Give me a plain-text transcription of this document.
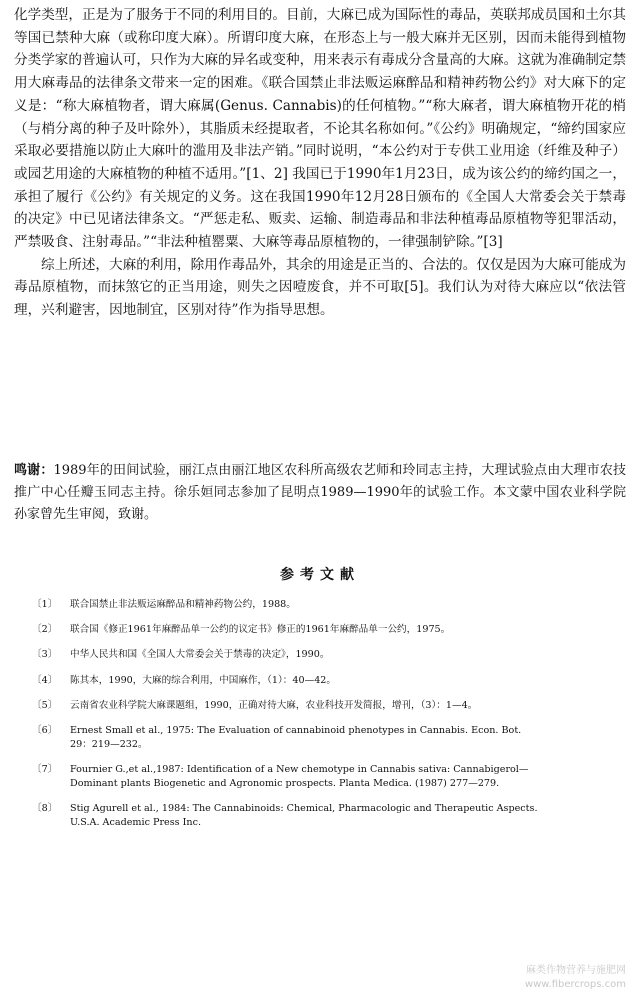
化学类型，正是为了服务于不同的利用目的。目前，大麻已成为国际性的毒品，英联邦成员国和土尔其等国已禁种大麻（或称印度大麻）。所谓印度大麻，在形态上与一般大麻并无区别，因而未能得到植物分类学家的普遍认可，只作为大麻的异名或变种，用来表示有毒成分含量高的大麻。这就为准确制定禁用大麻毒品的法律条文带来一定的困难。《联合国禁止非法贩运麻醉品和精神药物公约》对大麻下的定义是：“称大麻植物者，谓大麻属(Genus. Cannabis)的任何植物。”“称大麻者，谓大麻植物开花的梢（与梢分离的种子及叶除外），其脂质未经提取者，不论其名称如何。”《公约》明确规定，“缔约国家应采取必要措施以防止大麻叶的滥用及非法产销。”同时说明，“本公约对于专供工业用途（纤维及种子）或园艺用途的大麻植物的种植不适用。”[1、2] 我国已于1990年1月23日，成为该公约的缔约国之一，承担了履行《公约》有关规定的义务。这在我国1990年12月28日颁布的《全国人大常委会关于禁毒的决定》中已见诸法律条文。“严惩走私、贩卖、运输、制造毒品和非法种植毒品原植物等犯罪活动，严禁吸食、注射毒品。”“非法种植罂粟、大麻等毒品原植物的，一律强制铲除。”[3]

综上所述，大麻的利用，除用作毒品外，其余的用途是正当的、合法的。仅仅是因为大麻可能成为毒品原植物，而抹煞它的正当用途，则失之因噎废食，并不可取[5]。我们认为对待大麻应以“依法管理，兴利避害，因地制宜，区别对待”作为指导思想。

鸣谢：1989年的田间试验，丽江点由丽江地区农科所高级农艺师和玲同志主持，大理试验点由大理市农技推广中心任瓣玉同志主持。徐乐姮同志参加了昆明点1989—1990年的试验工作。本文蒙中国农业科学院孙家曾先生审阅，致谢。
参考文献
〔1〕 联合国禁止非法贩运麻醉品和精神药物公约，1988。
〔2〕 联合国《修正1961年麻醉品单一公约的议定书》修正的1961年麻醉品单一公约，1975。
〔3〕 中华人民共和国《全国人大常委会关于禁毒的决定》，1990。
〔4〕 陈其本，1990，大麻的综合利用，中国麻作，（1）：40—42。
〔5〕 云南省农业科学院大麻课题组，1990，正确对待大麻，农业科技开发简报，增刊，（3）：1—4。
〔6〕 Ernest Small et al., 1975: The Evaluation of cannabinoid phenotypes in Cannabis. Econ. Bot.
29：219—232。
〔7〕 Fournier G.,et al.,1987: Identification of a New chemotype in Cannabis sativa: Cannabigerol—
Dominant plants Biogenetic and Agronomic prospects. Planta Medica. (1987) 277—279.
〔8〕 Stig Agurell et al., 1984: The Cannabinoids: Chemical, Pharmacologic and Therapeutic Aspects.
U.S.A. Academic Press Inc.
麻类作物营养与施肥网
www.fibercrops.com
